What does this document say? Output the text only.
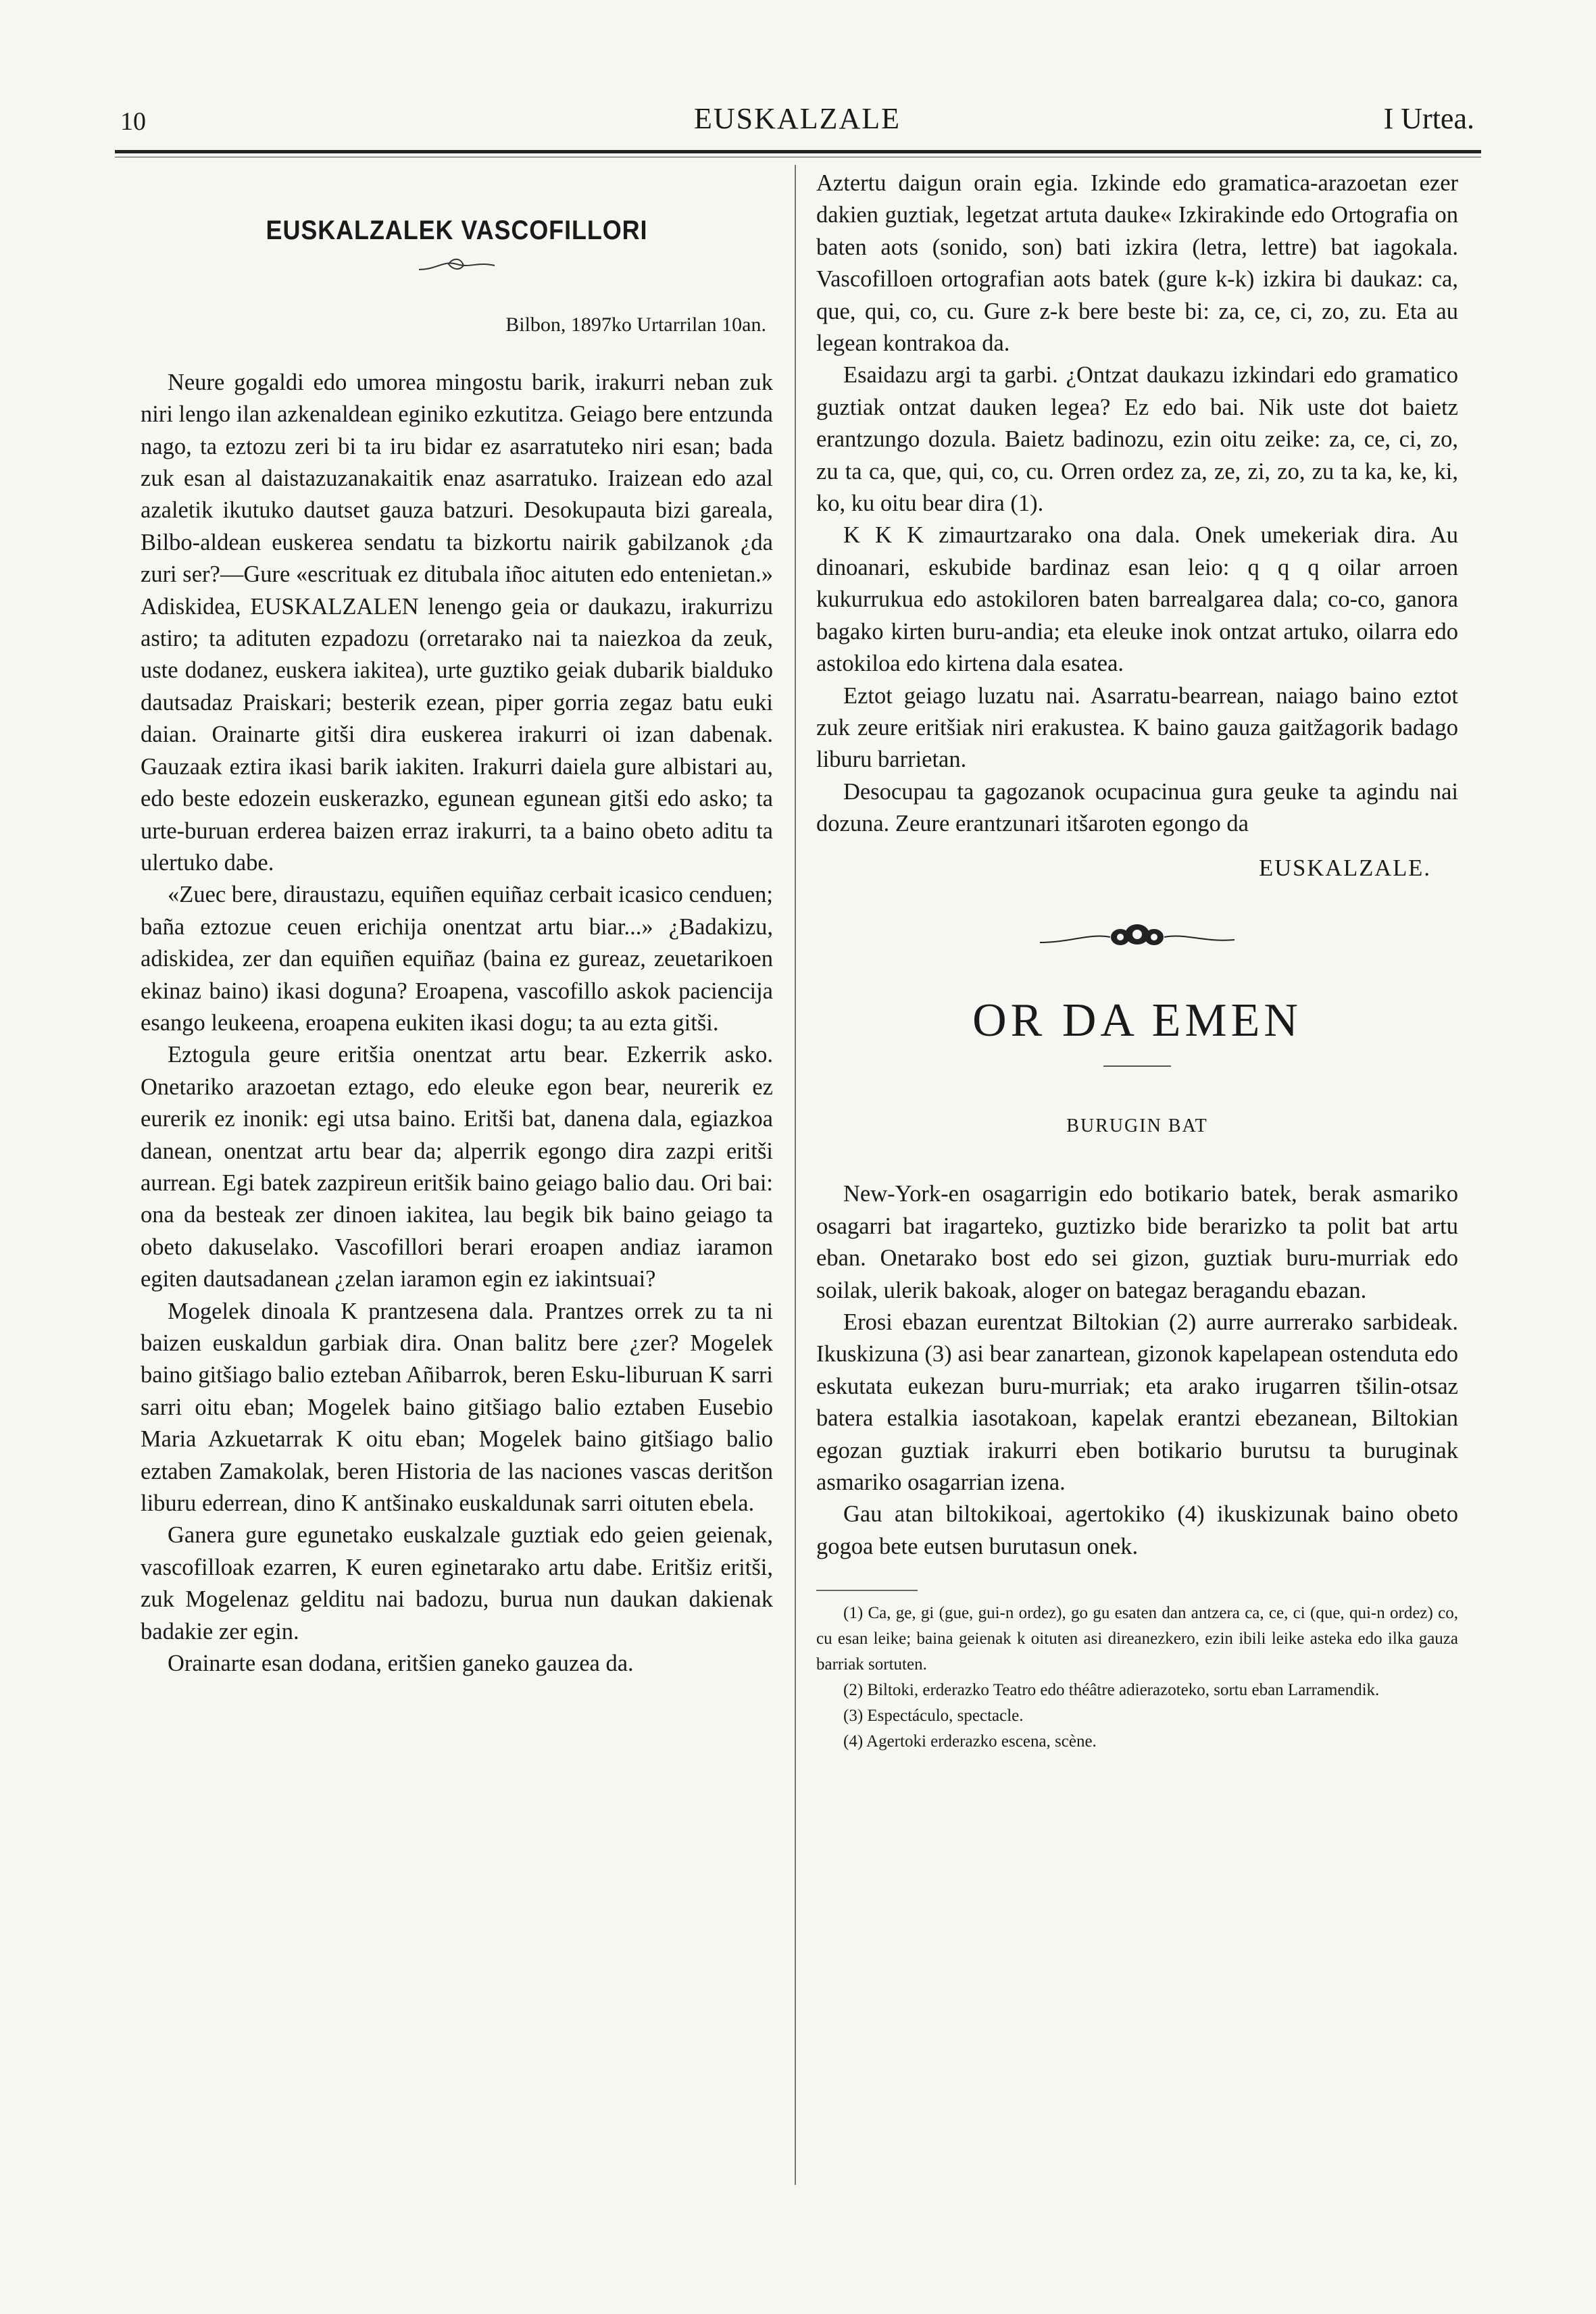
10	EUSKALZALE	I Urtea.
EUSKALZALEK VASCOFILLORI
Bilbon, 1897ko Urtarrilan 10an.

Neure gogaldi edo umorea mingostu barik, irakurri neban zuk niri lengo ilan azkenaldean eginiko ezkutitza. Geiago bere entzunda nago, ta eztozu zeri bi ta iru bidar ez asarratuteko niri esan; bada zuk esan al daistazuzanakaitik enaz asarratuko. Iraizean edo azal azaletik ikutuko dautset gauza batzuri. Desokupauta bizi gareala, Bilbo-aldean euskerea sendatu ta bizkortu nairik gabilzanok ¿da zuri ser?—Gure «escrituak ez ditubala iñoc aituten edo entenietan.» Adiskidea, EUSKALZALEN lenengo geia or daukazu, irakurrizu astiro; ta adituten ezpadozu (orretarako nai ta naiezkoa da zeuk, uste dodanez, euskera iakitea), urte guztiko geiak dubarik bialduko dautsadaz Praiskari; besterik ezean, piper gorria zegaz batu euki daian. Orainarte gitši dira euskerea irakurri oi izan dabenak. Gauzaak eztira ikasi barik iakiten. Irakurri daiela gure albistari au, edo beste edozein euskerazko, egunean egunean gitši edo asko; ta urte-buruan erderea baizen erraz irakurri, ta a baino obeto aditu ta ulertuko dabe.

«Zuec bere, diraustazu, equiñen equiñaz cerbait icasico cenduen; baña eztozue ceuen erichija onentzat artu biar...» ¿Badakizu, adiskidea, zer dan equiñen equiñaz (baina ez gureaz, zeuetarikoen ekinaz baino) ikasi doguna? Eroapena, vascofillo askok paciencija esango leukeena, eroapena eukiten ikasi dogu; ta au ezta gitši.

Eztogula geure eritšia onentzat artu bear. Ezkerrik asko. Onetariko arazoetan eztago, edo eleuke egon bear, neurerik ez eurerik ez inonik: egi utsa baino. Eritši bat, danena dala, egiazkoa danean, onentzat artu bear da; alperrik egongo dira zazpi eritši aurrean. Egi batek zazpireun eritšik baino geiago balio dau. Ori bai: ona da besteak zer dinoen iakitea, lau begik bik baino geiago ta obeto dakuselako. Vascofillori berari eroapen andiaz iaramon egiten dautsadanean ¿zelan iaramon egin ez iakintsuai?

Mogelek dinoala K prantzesena dala. Prantzes orrek zu ta ni baizen euskaldun garbiak dira. Onan balitz bere ¿zer? Mogelek baino gitšiago balio ezteban Añibarrok, beren Esku-liburuan K sarri sarri oitu eban; Mogelek baino gitšiago balio eztaben Eusebio Maria Azkuetarrak K oitu eban; Mogelek baino gitšiago balio eztaben Zamakolak, beren Historia de las naciones vascas deritšon liburu ederrean, dino K antšinako euskaldunak sarri oituten ebela.

Ganera gure egunetako euskalzale guztiak edo geien geienak, vascofilloak ezarren, K euren eginetarako artu dabe. Eritšiz eritši, zuk Mogelenaz gelditu nai badozu, burua nun daukan dakienak badakie zer egin.

Orainarte esan dodana, eritšien ganeko gauzea da.

Aztertu daigun orain egia. Izkinde edo gramatica-arazoetan ezer dakien guztiak, legetzat artuta dauke« Izkirakinde edo Ortografia on baten aots (sonido, son) bati izkira (letra, lettre) bat iagokala. Vascofilloen ortografian aots batek (gure k-k) izkira bi daukaz: ca, que, qui, co, cu. Gure z-k bere beste bi: za, ce, ci, zo, zu. Eta au legean kontrakoa da.

Esaidazu argi ta garbi. ¿Ontzat daukazu izkindari edo gramatico guztiak ontzat dauken legea? Ez edo bai. Nik uste dot baietz erantzungo dozula. Baietz badinozu, ezin oitu zeike: za, ce, ci, zo, zu ta ca, que, qui, co, cu. Orren ordez za, ze, zi, zo, zu ta ka, ke, ki, ko, ku oitu bear dira (1).

K K K zimaurtzarako ona dala. Onek umekeriak dira. Au dinoanari, eskubide bardinaz esan leio: q q q oilar arroen kukurrukua edo astokiloren baten barrealgarea dala; co-co, ganora bagako kirten buru-andia; eta eleuke inok ontzat artuko, oilarra edo astokiloa edo kirtena dala esatea.

Eztot geiago luzatu nai. Asarratu-bearrean, naiago baino eztot zuk zeure eritšiak niri erakustea. K baino gauza gaitžagorik badago liburu barrietan.

Desocupau ta gagozanok ocupacinua gura geuke ta agindu nai dozuna. Zeure erantzunari itšaroten egongo da

EUSKALZALE.
OR DA EMEN
BURUGIN BAT

New-York-en osagarrigin edo botikario batek, berak asmariko osagarri bat iragarteko, guztizko bide berarizko ta polit bat artu eban. Onetarako bost edo sei gizon, guztiak buru-murriak edo soilak, ulerik bakoak, aloger on bategaz beragandu ebazan.

Erosi ebazan eurentzat Biltokian (2) aurre aurrerako sarbideak. Ikuskizuna (3) asi bear zanartean, gizonok kapelapean ostenduta edo eskutata eukezan buru-murriak; eta arako irugarren tšilin-otsaz batera estalkia iasotakoan, kapelak erantzi ebezanean, Biltokian egozan guztiak irakurri eben botikario burutsu ta buruginak asmariko osagarrian izena.

Gau atan biltokikoai, agertokiko (4) ikuskizunak baino obeto gogoa bete eutsen burutasun onek.

(1) Ca, ge, gi (gue, gui-n ordez), go gu esaten dan antzera ca, ce, ci (que, qui-n ordez) co, cu esan leike; baina geienak k oituten asi direanezkero, ezin ibili leike asteka edo ilka gauza barriak sortuten.

(2) Biltoki, erderazko Teatro edo théâtre adierazoteko, sortu eban Larramendik.

(3) Espectáculo, spectacle.

(4) Agertoki erderazko escena, scène.
